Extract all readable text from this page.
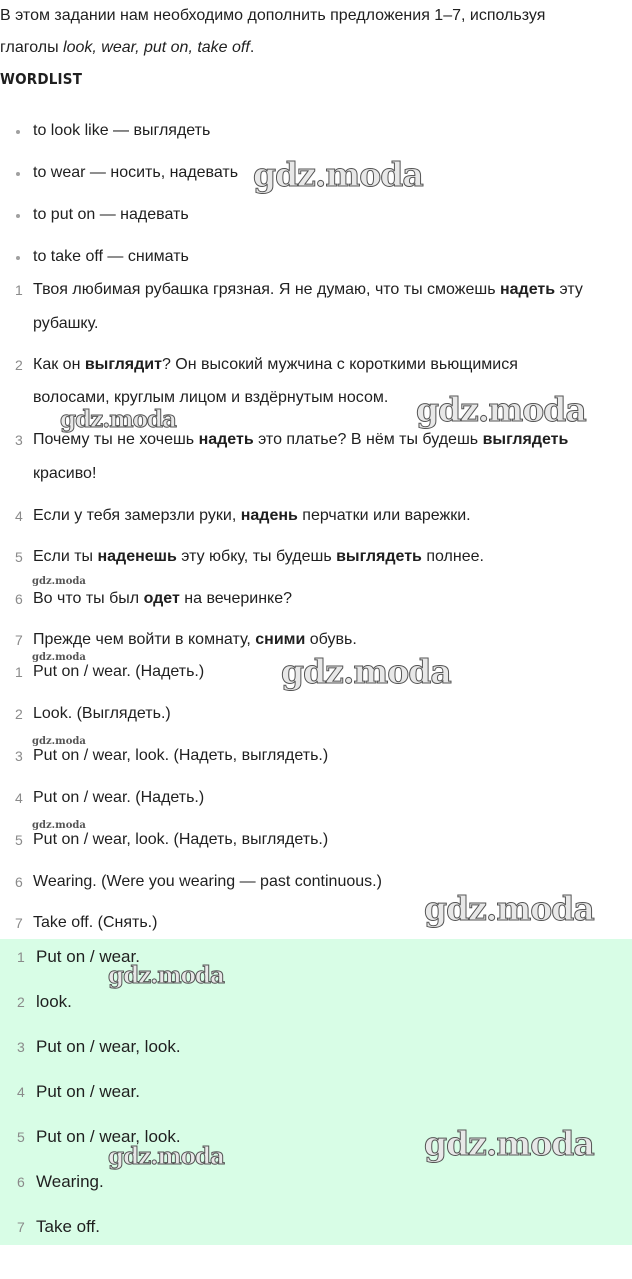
В этом задании нам необходимо дополнить предложения 1–7, используя

глаголы look, wear, put on, take off.

WORDLIST
to look like — выглядеть
to wear — носить, надевать
to put on — надевать
to take off — снимать
1 Твоя любимая рубашка грязная. Я не думаю, что ты сможешь надеть эту
рубашку.
2 Как он выглядит? Он высокий мужчина с короткими вьющимися
волосами, круглым лицом и вздёрнутым носом.
3 Почему ты не хочешь надеть это платье? В нём ты будешь выглядеть
красиво!
4 Если у тебя замерзли руки, надень перчатки или варежки.
5 Если ты наденешь эту юбку, ты будешь выглядеть полнее.
6 Во что ты был одет на вечеринке?
7 Прежде чем войти в комнату, сними обувь.
1 Put on / wear. (Надеть.)
2 Look. (Выглядеть.)
3 Put on / wear, look. (Надеть, выглядеть.)
4 Put on / wear. (Надеть.)
5 Put on / wear, look. (Надеть, выглядеть.)
6 Wearing. (Were you wearing — past continuous.)
7 Take off. (Снять.)
1 Put on / wear.
2 look.
3 Put on / wear, look.
4 Put on / wear.
5 Put on / wear, look.
6 Wearing.
7 Take off.
gdz.moda
gdz.moda	gdz.moda
gdz.moda
gdz.moda	gdz.moda
gdz.moda
gdz.moda
gdz.moda
gdz.moda
gdz.moda
gdz.moda
